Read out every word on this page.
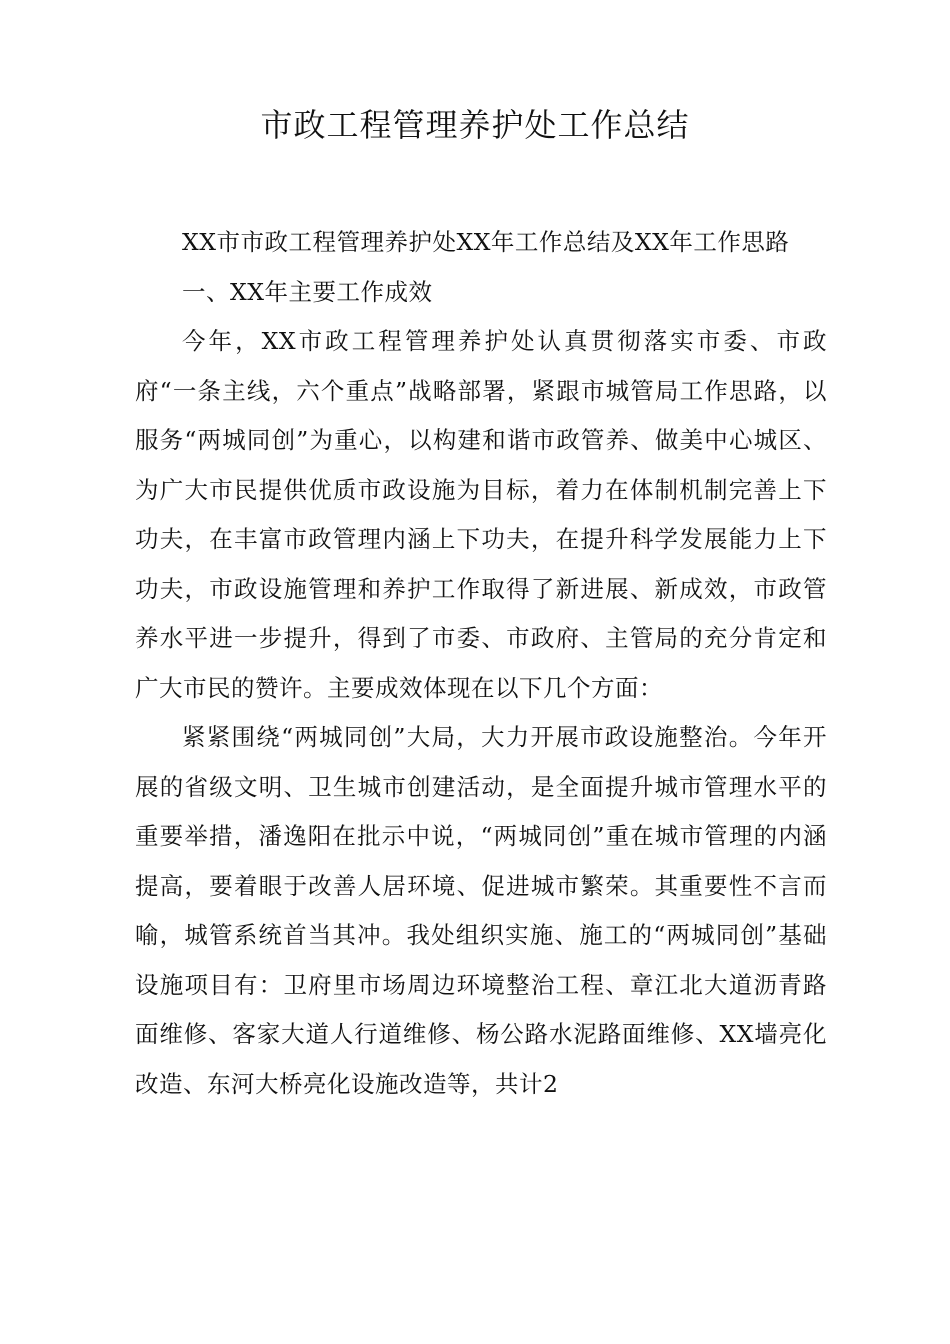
市政工程管理养护处工作总结

XX市市政工程管理养护处XX年工作总结及XX年工作思路

一、XX年主要工作成效

今年，XX市政工程管理养护处认真贯彻落实市委、市政府“一条主线，六个重点”战略部署，紧跟市城管局工作思路，以服务“两城同创”为重心，以构建和谐市政管养、做美中心城区、为广大市民提供优质市政设施为目标，着力在体制机制完善上下功夫，在丰富市政管理内涵上下功夫，在提升科学发展能力上下功夫，市政设施管理和养护工作取得了新进展、新成效，市政管养水平进一步提升，得到了市委、市政府、主管局的充分肯定和广大市民的赞许。主要成效体现在以下几个方面：

紧紧围绕“两城同创”大局，大力开展市政设施整治。今年开展的省级文明、卫生城市创建活动，是全面提升城市管理水平的重要举措，潘逸阳在批示中说，“两城同创”重在城市管理的内涵提高，要着眼于改善人居环境、促进城市繁荣。其重要性不言而喻，城管系统首当其冲。我处组织实施、施工的“两城同创”基础设施项目有：卫府里市场周边环境整治工程、章江北大道沥青路面维修、客家大道人行道维修、杨公路水泥路面维修、XX墙亮化改造、东河大桥亮化设施改造等，共计2
